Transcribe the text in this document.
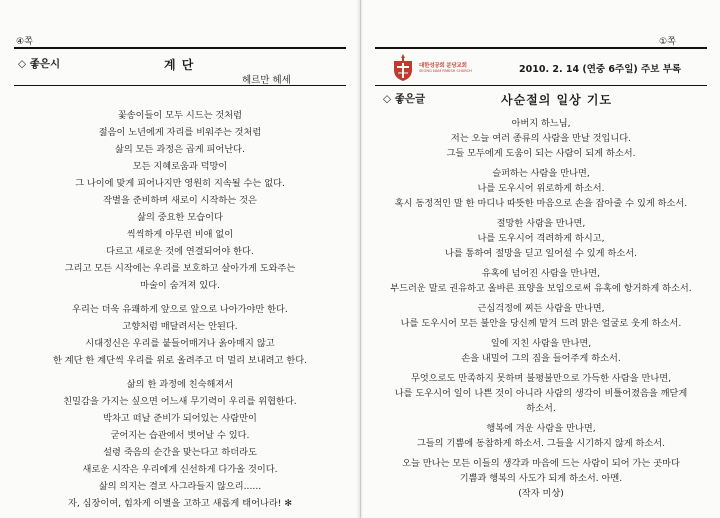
④쪽
◇ 좋은시	계 단
헤르만 헤세
꽃송이들이 모두 시드는 것처럼
젊음이 노년에게 자리를 비워주는 것처럼
삶의 모든 과정은 곱게 피어난다.
모든 지혜로움과 덕망이
그 나이에 맞게 피어나지만 영원히 지속될 수는 없다.
작별을 준비하며 새로이 시작하는 것은
삶의 중요한 모습이다
씩씩하게 아무런 비애 없이
다르고 새로운 것에 연결되어야 한다.
그리고 모든 시작에는 우리를 보호하고 살아가게 도와주는
마술이 숨겨져 있다.
우리는 더욱 유쾌하게 앞으로 앞으로 나아가야만 한다.
고향처럼 매달려서는 안된다.
시대정신은 우리를 붙들어매거나 옭아매지 않고
한 계단 한 계단씩 우리를 위로 올려주고 더 멀리 보내려고 한다.
삶의 한 과정에 친숙해져서
친밀감을 가지는 싶으면 어느새 무기력이 우리를 위협한다.
박차고 떠날 준비가 되어있는 사람만이
굳어지는 습관에서 벗어날 수 있다.
설령 죽음의 순간을 맞는다고 하더라도
새로운 시작은 우리에게 신선하게 다가올 것이다.
삶의 의지는 결코 사그라들지 않으리......
자, 심장이여, 힘차게 이별을 고하고 새롭게 태어나라! ✻
①쪽
대한성공회 분당교회
SEONG NAM PARISH CHURCH	2010. 2. 14 (연중 6주일) 주보 부록
◇ 좋은글	사순절의 일상 기도
아버지 하느님,
저는 오늘 여러 종류의 사람을 만날 것입니다.
그들 모두에게 도움이 되는 사람이 되게 하소서.
슬퍼하는 사람을 만나면,
나를 도우시어 위로하게 하소서.
혹시 동정적인 말 한 마디나 따뜻한 마음으로 손을 잡아줄 수 있게 하소서.
절망한 사람을 만나면,
나를 도우시어 격려하게 하시고,
나를 통하여 절망을 딛고 일어설 수 있게 하소서.
유혹에 넘어진 사람을 만나면,
부드러운 말로 권유하고 올바른 표양을 보임으로써 유혹에 항거하게 하소서.
근심걱정에 찌든 사람을 만나면,
나를 도우시어 모든 불안을 당신께 맡겨 드려 맑은 얼굴로 웃게 하소서.
일에 지친 사람을 만나면,
손을 내밀어 그의 짐을 들어주게 하소서.
무엇으로도 만족하지 못하며 불평불만으로 가득한 사람을 만나면,
나를 도우시어 일이 나쁜 것이 아니라 사람의 생각이 비틀어졌음을 깨닫게
하소서.
행복에 겨운 사람을 만나면,
그들의 기쁨에 동참하게 하소서. 그들을 시기하지 않게 하소서.
오늘 만나는 모든 이들의 생각과 마음에 드는 사람이 되어 가는 곳마다
기쁨과 행복의 사도가 되게 하소서. 아멘.
(작자 미상)
